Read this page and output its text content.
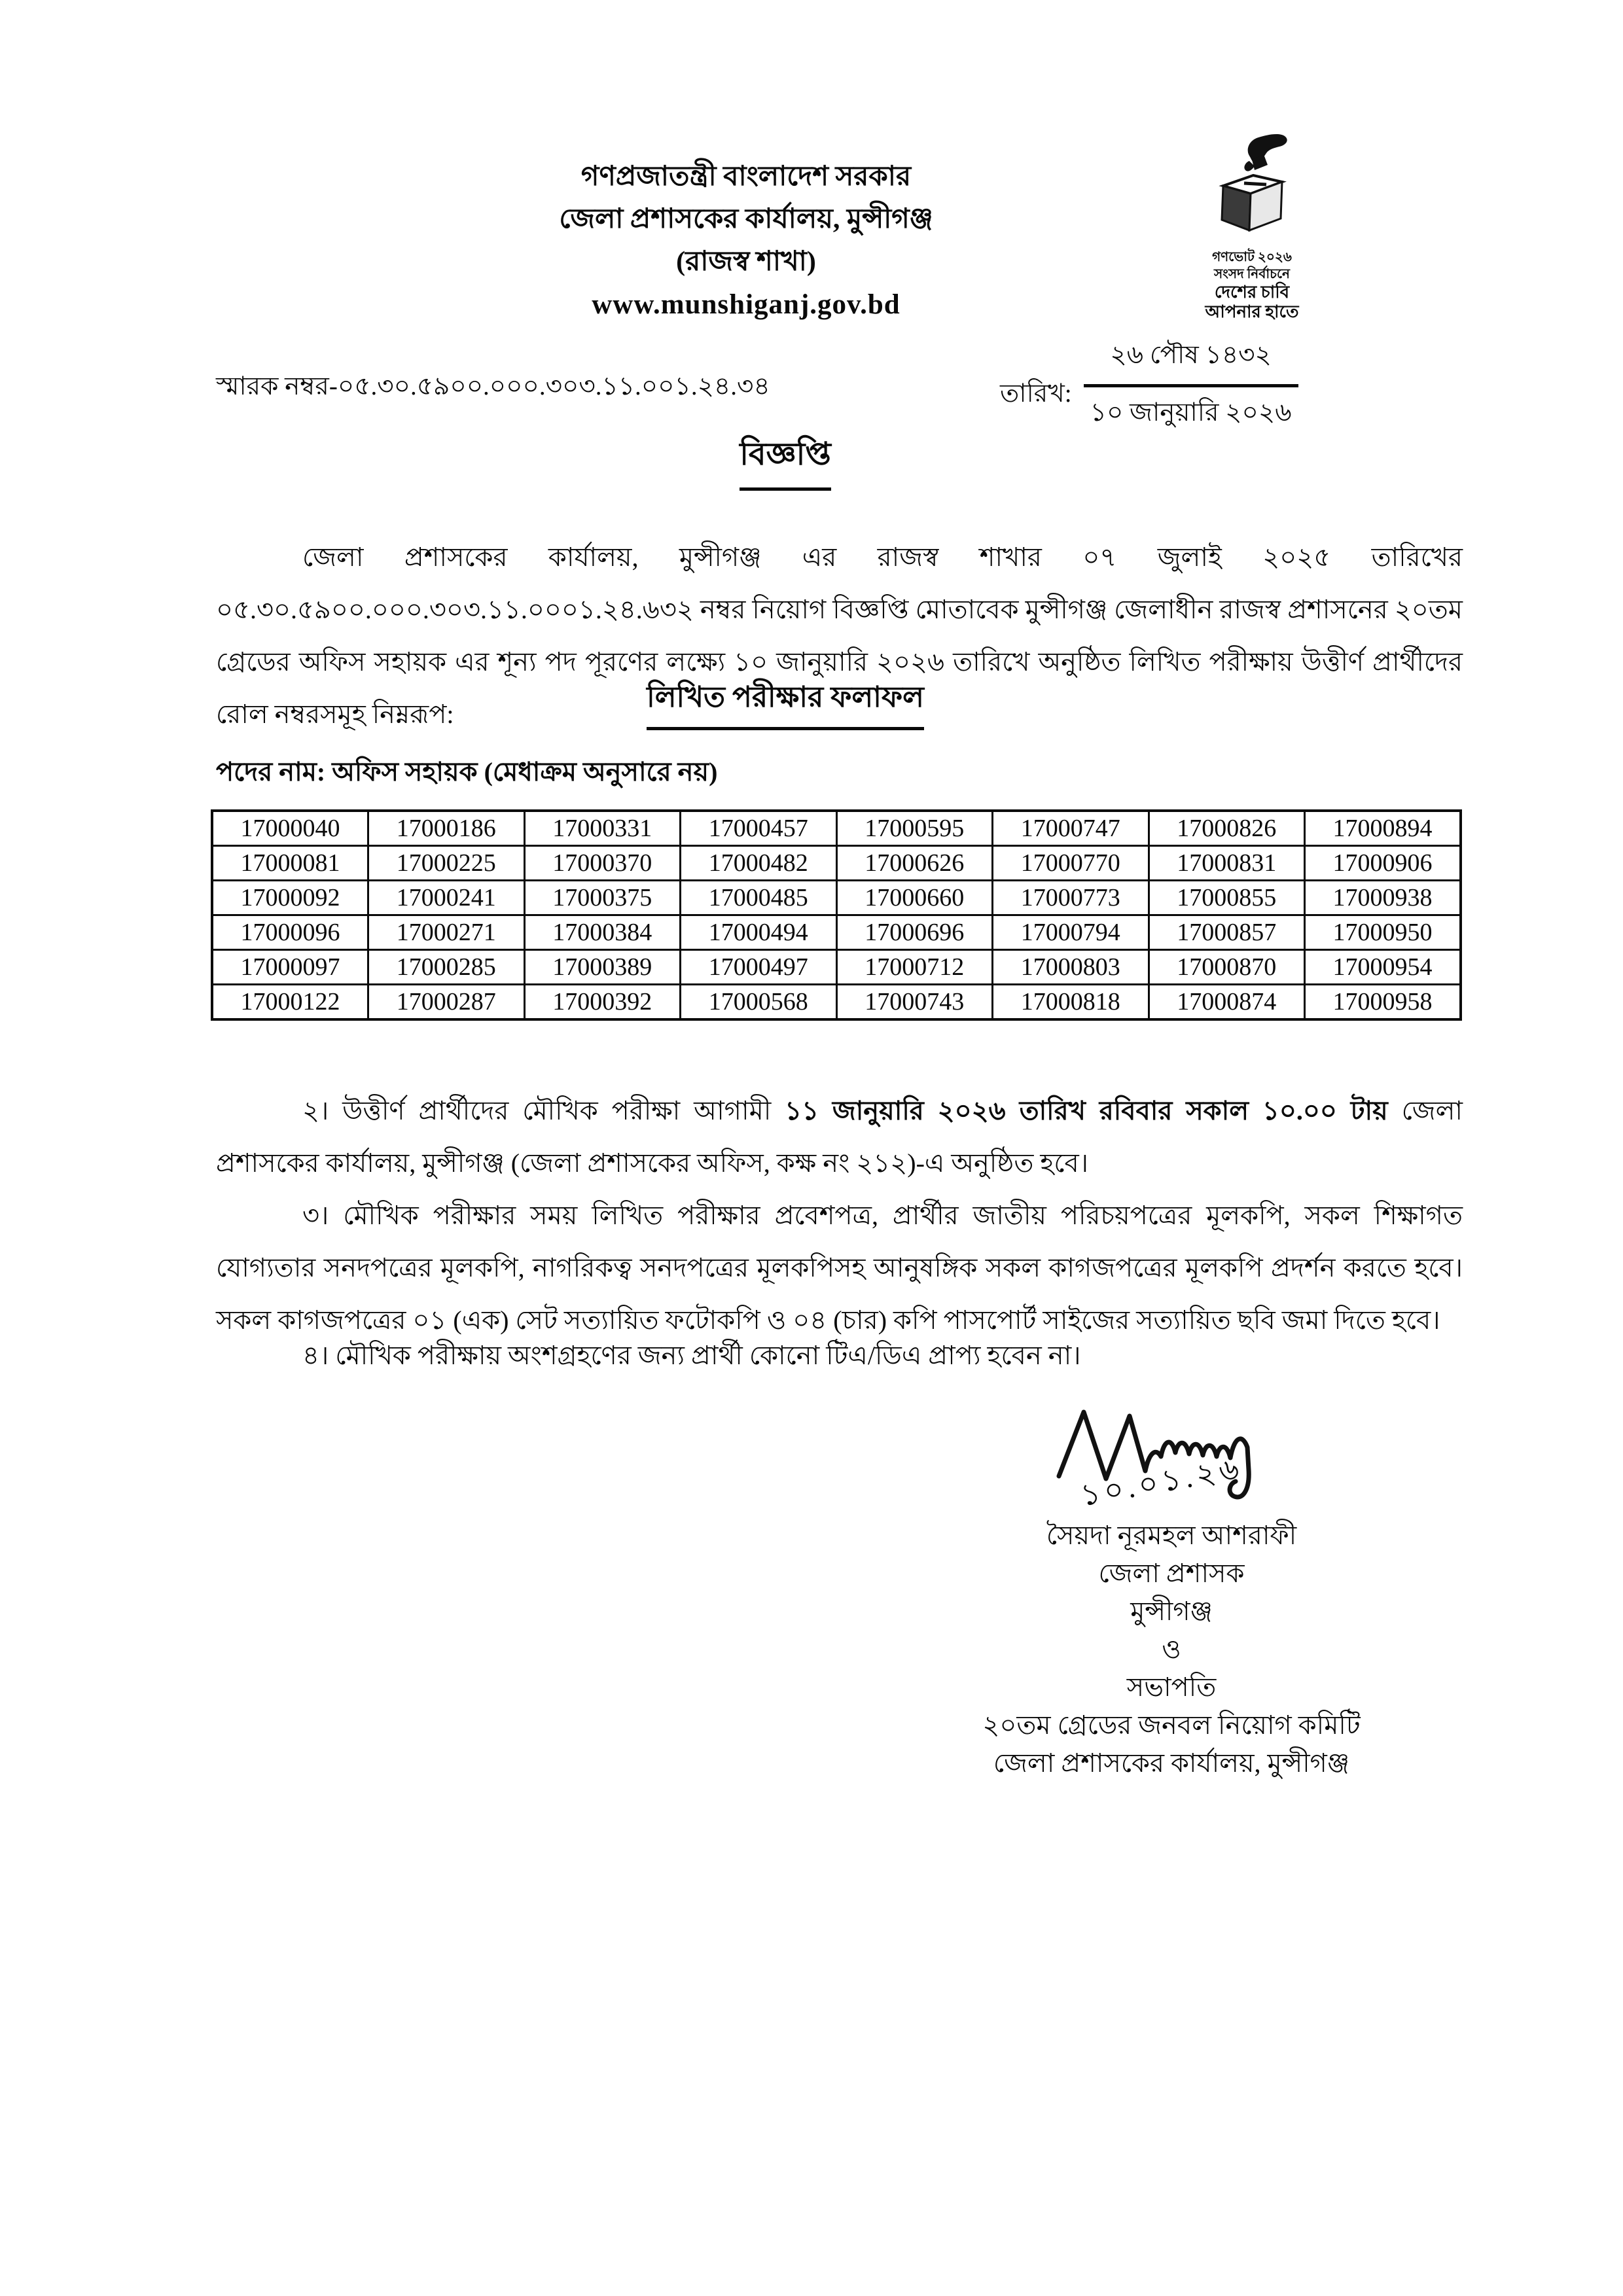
গণপ্রজাতন্ত্রী বাংলাদেশ সরকার
জেলা প্রশাসকের কার্যালয়, মুন্সীগঞ্জ
(রাজস্ব শাখা)
www.munshiganj.gov.bd
গণভোট ২০২৬
সংসদ নির্বাচনে
দেশের চাবি
আপনার হাতে
স্মারক নম্বর-০৫.৩০.৫৯০০.০০০.৩০৩.১১.০০১.২৪.৩৪	তারিখ: $\frac{\text{২৬ পৌষ ১৪৩২}}{\text{১০ জানুয়ারি ২০২৬}}$
বিজ্ঞপ্তি

জেলা প্রশাসকের কার্যালয়, মুন্সীগঞ্জ এর রাজস্ব শাখার ০৭ জুলাই ২০২৫ তারিখের ০৫.৩০.৫৯০০.০০০.৩০৩.১১.০০০১.২৪.৬৩২ নম্বর নিয়োগ বিজ্ঞপ্তি মোতাবেক মুন্সীগঞ্জ জেলাধীন রাজস্ব প্রশাসনের ২০তম গ্রেডের অফিস সহায়ক এর শূন্য পদ পূরণের লক্ষ্যে ১০ জানুয়ারি ২০২৬ তারিখে অনুষ্ঠিত লিখিত পরীক্ষায় উত্তীর্ণ প্রার্থীদের রোল নম্বরসমূহ নিম্নরূপ:

লিখিত পরীক্ষার ফলাফল
পদের নাম: অফিস সহায়ক (মেধাক্রম অনুসারে নয়)
17000040	17000186	17000331	17000457	17000595	17000747	17000826	17000894
17000081	17000225	17000370	17000482	17000626	17000770	17000831	17000906
17000092	17000241	17000375	17000485	17000660	17000773	17000855	17000938
17000096	17000271	17000384	17000494	17000696	17000794	17000857	17000950
17000097	17000285	17000389	17000497	17000712	17000803	17000870	17000954
17000122	17000287	17000392	17000568	17000743	17000818	17000874	17000958

২। উত্তীর্ণ প্রার্থীদের মৌখিক পরীক্ষা আগামী ১১ জানুয়ারি ২০২৬ তারিখ রবিবার সকাল ১০.০০ টায় জেলা প্রশাসকের কার্যালয়, মুন্সীগঞ্জ (জেলা প্রশাসকের অফিস, কক্ষ নং ২১২)-এ অনুষ্ঠিত হবে।

৩। মৌখিক পরীক্ষার সময় লিখিত পরীক্ষার প্রবেশপত্র, প্রার্থীর জাতীয় পরিচয়পত্রের মূলকপি, সকল শিক্ষাগত যোগ্যতার সনদপত্রের মূলকপি, নাগরিকত্ব সনদপত্রের মূলকপিসহ আনুষঙ্গিক সকল কাগজপত্রের মূলকপি প্রদর্শন করতে হবে। সকল কাগজপত্রের ০১ (এক) সেট সত্যায়িত ফটোকপি ও ০৪ (চার) কপি পাসপোর্ট সাইজের সত্যায়িত ছবি জমা দিতে হবে।

৪। মৌখিক পরীক্ষায় অংশগ্রহণের জন্য প্রার্থী কোনো টিএ/ডিএ প্রাপ্য হবেন না।

১০.০১.২৬
সৈয়দা নূরমহল আশরাফী
জেলা প্রশাসক
মুন্সীগঞ্জ
ও
সভাপতি
২০তম গ্রেডের জনবল নিয়োগ কমিটি
জেলা প্রশাসকের কার্যালয়, মুন্সীগঞ্জ
